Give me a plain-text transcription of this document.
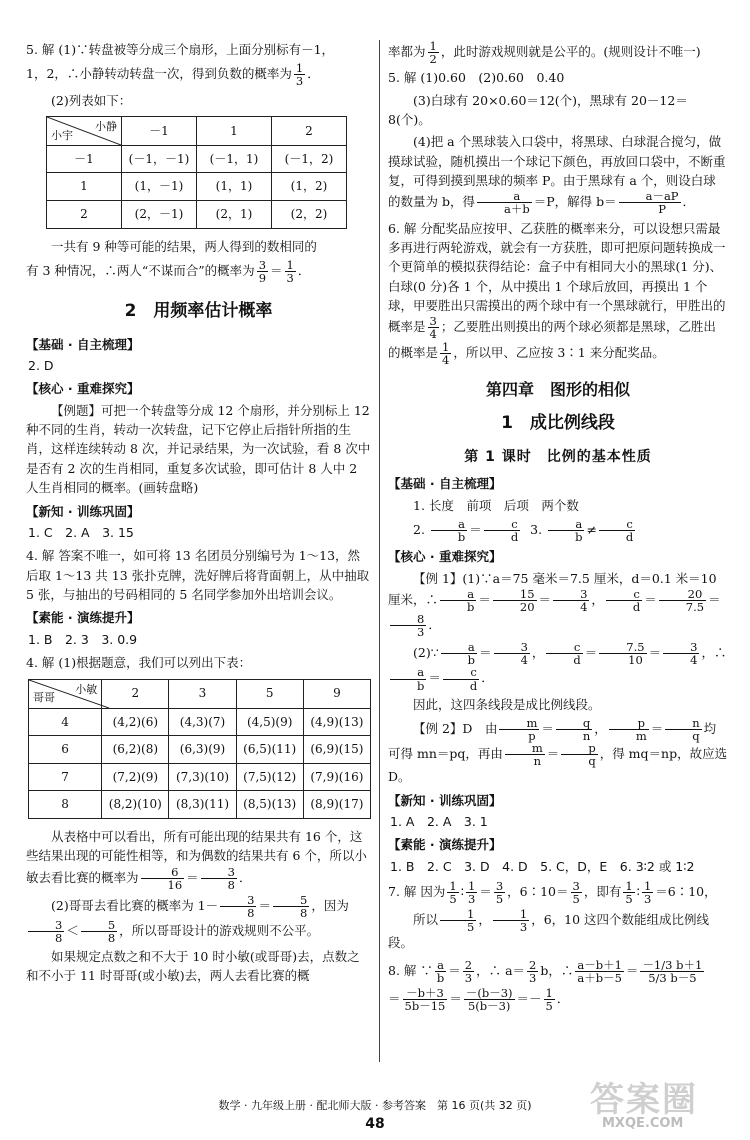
5. 解 (1)∵转盘被等分成三个扇形，上面分别标有－1，

1，2，∴小静转动转盘一次，得到负数的概率为 $\frac{1}{3}$ ．

(2)列表如下：

小静
小宇	－1	1	2
－1	(－1，－1)	(－1，1)	(－1，2)
1	(1，－1)	(1，1)	(1，2)
2	(2，－1)	(2，1)	(2，2)

一共有 9 种等可能的结果，两人得到的数相同的

有 3 种情况，∴两人“不谋而合”的概率为 $\frac{3}{9} = \frac{1}{3}$ ．

2　用频率估计概率
【基础 · 自主梳理】
2. D
【核心 · 重难探究】

【例题】可把一个转盘等分成 12 个扇形，并分别标上 12 种不同的生肖，转动一次转盘，记下它停止后指针所指的生肖，这样连续转动 8 次，并记录结果，为一次试验，看 8 次中是否有 2 次的生肖相同，重复多次试验，即可估计 8 人中 2 人生肖相同的概率。(画转盘略)

【新知 · 训练巩固】
1. C　2. A　3. 15

4. 解 答案不唯一，如可将 13 名团员分别编号为 1～13，然后取 1～13 共 13 张扑克牌，洗好牌后将背面朝上，从中抽取 5 张，与抽出的号码相同的 5 名同学参加外出培训会议。

【素能 · 演练提升】
1. B　2. 3　3. 0.9

4. 解 (1)根据题意，我们可以列出下表：

小敏
哥哥	2	3	5	9
4	(4,2)(6)	(4,3)(7)	(4,5)(9)	(4,9)(13)
6	(6,2)(8)	(6,3)(9)	(6,5)(11)	(6,9)(15)
7	(7,2)(9)	(7,3)(10)	(7,5)(12)	(7,9)(16)
8	(8,2)(10)	(8,3)(11)	(8,5)(13)	(8,9)(17)

从表格中可以看出，所有可能出现的结果共有 16 个，这些结果出现的可能性相等，和为偶数的结果共有 6 个，所以小敏去看比赛的概率为 $\frac{6}{16} = \frac{3}{8}$ ．

(2)哥哥去看比赛的概率为 $1- \frac{3}{8} = \frac{5}{8}$ ，因为
$\frac{3}{8} < \frac{5}{8}$ ，所以哥哥设计的游戏规则不公平。

如果规定点数之和不大于 10 时小敏(或哥哥)去，点数之和不小于 11 时哥哥(或小敏)去，两人去看比赛的概

率都为 $\frac{1}{2}$ ，此时游戏规则就是公平的。(规则设计不唯一)

5. 解 (1)0.60　(2)0.60　0.40

(3)白球有 20×0.60＝12(个)，黑球有 20－12＝8(个)。

(4)把 a 个黑球装入口袋中，将黑球、白球混合搅匀，做摸球试验，随机摸出一个球记下颜色，再放回口袋中，不断重复，可得到摸到黑球的频率 P。由于黑球有 a 个，则设白球的数量为 b，得 $\frac{a}{a+b} =P$，解得 $b= \frac{a-aP}{P}$ ．

6. 解 分配奖品应按甲、乙获胜的概率来分，可以设想只需最多再进行两轮游戏，就会有一方获胜，即可把原问题转换成一个更简单的模拟获得结论：盒子中有相同大小的黑球(1 分)、白球(0 分)各 1 个，从中摸出 1 个球后放回，再摸出 1 个球，甲要胜出只需摸出的两个球中有一个黑球就行，甲胜出的概率是 $\frac{3}{4}$ ；乙要胜出则摸出的两个球必须都是黑球，乙胜出的概率是 $\frac{1}{4}$ ，所以甲、乙应按 3∶1 来分配奖品。

第四章　图形的相似
1　成比例线段
第 1 课时　比例的基本性质
【基础 · 自主梳理】

1. 长度　前项　后项　两个数

2. $\frac{a}{b} = \frac{c}{d} 3$. $\frac{a}{b} \ne \frac{c}{d}$

【核心 · 重难探究】

【例 1】(1)∵a＝75 毫米＝7.5 厘米，d＝0.1 米＝10 厘米，∴ $\frac{a}{b} = \frac{15}{20} = \frac{3}{4}$ ， $\frac{c}{d} = \frac{20}{7.5}$ ＝
$\frac{8}{3}$ ．

(2)∵ $\frac{a}{b} = \frac{3}{4}$ ， $\frac{c}{d} = \frac{7.5}{10} = \frac{3}{4}$ ，∴
$\frac{a}{b} = \frac{c}{d}$ ．

因此，这四条线段是成比例线段。

【例 2】D　由 $\frac{m}{p} = \frac{q}{n}$ ， $\frac{p}{m} = \frac{n}{q}$ 均可得 mn＝pq，再由 $\frac{m}{n} = \frac{p}{q}$ ，得 mq＝np，故应选 D。

【新知 · 训练巩固】
1. A　2. A　3. 1
【素能 · 演练提升】
1. B　2. C　3. D　4. D　5. C，D，E　6. 3∶2 或 1∶2

7. 解 因为 $\frac{1}{5}$ ∶ $\frac{1}{3} = \frac{3}{5}$ ，6∶10＝ $\frac{3}{5}$ ，即有 $\frac{1}{5}$ ∶ $\frac{1}{3}$ ＝6∶10，

所以 $\frac{1}{5}$ ， $\frac{1}{3}$ ，6，10 这四个数能组成比例线段。

8. 解 ∵ $\frac{a}{b} = \frac{2}{3}$ ，∴ $a= \frac{2}{3}$ b，∴ $\frac{a-b+1}{a+b-5} = \frac{-1/3 b+1}{5/3 b-5}$

＝ $\frac{-b+3}{5b-15} = \frac{-(b-3)}{5(b-3)} =- \frac{1}{5}$ ．

数学 · 九年级上册 · 配北师大版 · 参考答案　第 16 页(共 32 页)
48
答案圈
MXQE.COM
